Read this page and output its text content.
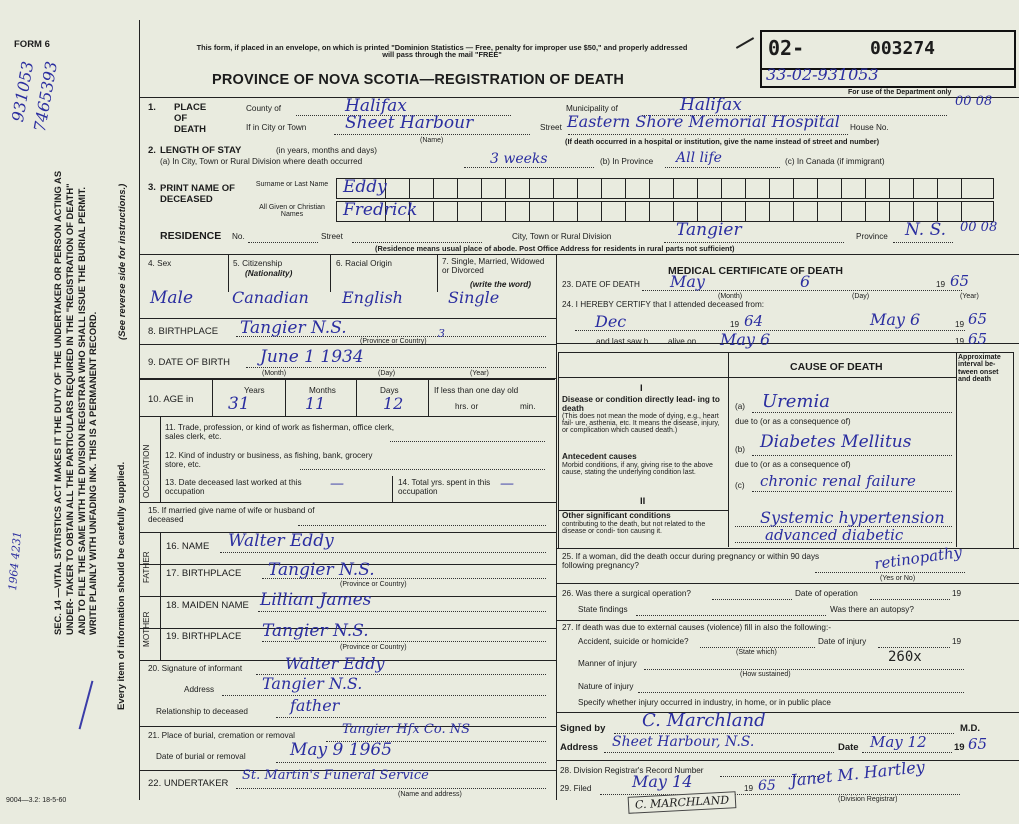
FORM 6	This form, if placed in an envelope, on which is printed "Dominion Statistics — Free, penalty for improper use $50," and properly addressed will pass through the mail "FREE"
PROVINCE OF NOVA SCOTIA—REGISTRATION OF DEATH
02-	003274
33-02-931053
For use of the Department only
931053
7465393
1964 4231	SEC. 14 —VITAL STATISTICS ACT MAKES IT THE DUTY OF THE UNDERTAKER OR PERSON ACTING AS UNDER- TAKER TO OBTAIN ALL THE PARTICULARS REQUIRED IN THE "REGISTRATION OF DEATH" AND TO FILE THE SAME WITH THE DIVISION REGISTRAR WHO SHALL ISSUE THE BURIAL PERMIT. WRITE PLAINLY WITH UNFADING INK. THIS IS A PERMANENT RECORD.
(See reverse side for instructions.)
Every item of information should be carefully supplied.
1. PLACE OF DEATH
County of	Halifax	Municipality of	Halifax	00 08
If in City or Town Sheet Harbour
(Name)
Street Eastern Shore Memorial Hospital House No.
(If death occurred in a hospital or institution, give the name instead of street and number)
2. LENGTH OF STAY	(in years, months and days)
(a) In City, Town or Rural Division where death occurred	3 weeks	(b) In Province All life	(c) In Canada (if immigrant)
3. PRINT NAME OF DECEASED
Surname or Last Name
All Given or Christian Names
Eddy
Fredrick
RESIDENCE No.	Street	City, Town or Rural Division	Tangier	Province N. S. 00 08
(Residence means usual place of abode. Post Office Address for residents in rural parts not sufficient)
4. Sex
Male
5. Citizenship
(Nationality)
Canadian
6. Racial Origin
English
7. Single, Married, Widowed or Divorced
(write the word)
Single
8. BIRTHPLACE Tangier N.S.
(Province or Country)
3
9. DATE OF BIRTH June 1 1934
(Month)	(Day)	(Year)
10. AGE in
Years
31
Months
11
Days
12
If less than one day old
hrs. or	min.
OCCUPATION
11. Trade, profession, or kind of work as fisherman, office clerk, sales clerk, etc.
12. Kind of industry or business, as fishing, bank, grocery store, etc.
13. Date deceased last worked at this occupation	—	14. Total yrs. spent in this occupation	—
15. If married give name of wife or husband of deceased
FATHER
16. NAME Walter Eddy
17. BIRTHPLACE Tangier N.S.
(Province or Country)
MOTHER
18. MAIDEN NAME Lillian James
19. BIRTHPLACE Tangier N.S.
(Province or Country)
20. Signature of informant	Walter Eddy
Address	Tangier N.S.
Relationship to deceased	father
21. Place of burial, cremation or removal	Tangier Hfx Co. NS
Date of burial or removal	May 9 1965
22. UNDERTAKER
St. Martin's Funeral Service
(Name and address)
9004—3.2: 18-5-60
MEDICAL CERTIFICATE OF DEATH
23. DATE OF DEATH May	6	19 65
(Month)	(Day)	(Year)
24. I HEREBY CERTIFY that I attended deceased from:
Dec	19 64	May 6	19 65
and last saw h alive on May 6	19 65
CAUSE OF DEATH
Approximate interval be- tween onset and death
I
Disease or condition directly lead- ing to death
(This does not mean the mode of dying, e.g., heart fail- ure, asthenia, etc. It means the disease, injury, or complication which caused death.)
Antecedent causes
Morbid conditions, if any, giving rise to the above cause, stating the underlying condition last.
II
Other significant conditions
contributing to the death, but not related to the disease or condi- tion causing it.
(a) Uremia
due to (or as a consequence of)
(b) Diabetes Mellitus
due to (or as a consequence of)
(c) chronic renal failure
Systemic hypertension
advanced diabetic
retinopathy
25. If a woman, did the death occur during pregnancy or within 90 days following pregnancy?
(Yes or No)
26. Was there a surgical operation?	Date of operation	19
State findings	Was there an autopsy?
27. If death was due to external causes (violence) fill in also the following:-
Accident, suicide or homicide?
(State which)
Date of injury	19
260x
Manner of injury
(How sustained)
Nature of injury
Specify whether injury occurred in industry, in home, or in public place
Signed by C. Marchland	M.D.
Address Sheet Harbour, N.S.	Date May 12	19 65
28. Division Registrar's Record Number
29. Filed	May 14	19 65 Janet M. Hartley
(Division Registrar)
C. MARCHLAND
